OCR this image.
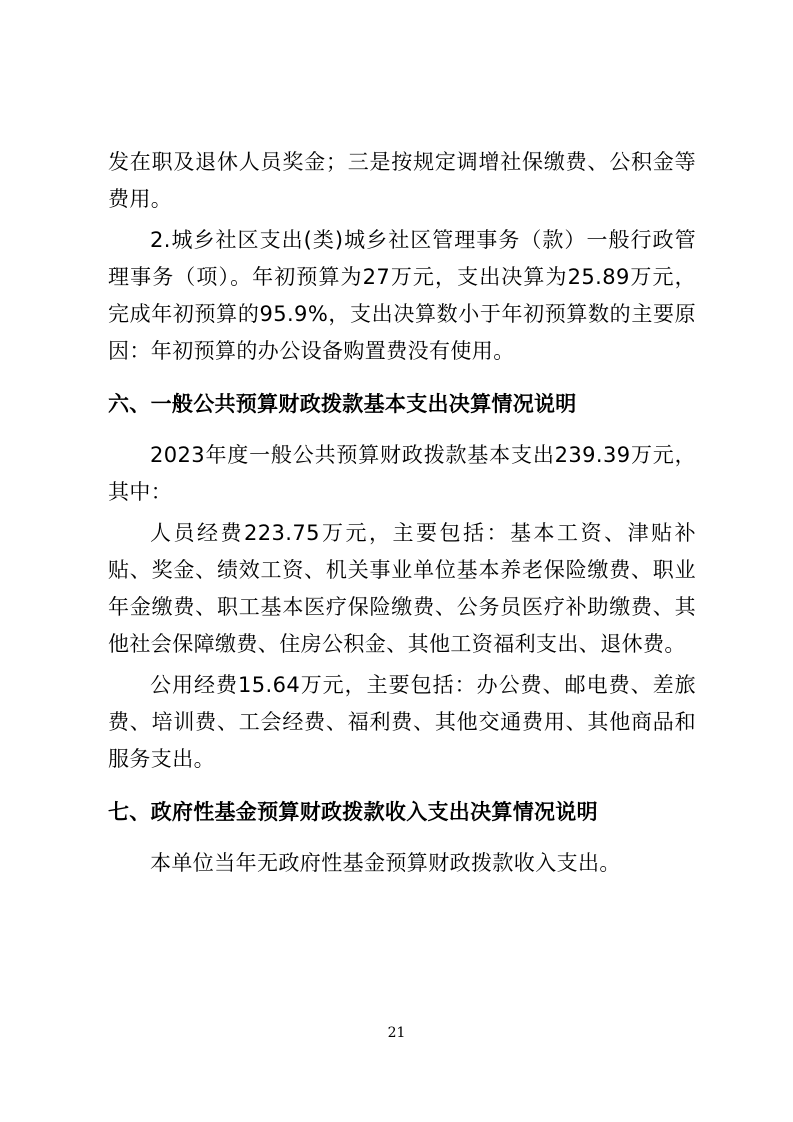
发在职及退休人员奖金；三是按规定调增社保缴费、公积金等费用。

2.城乡社区支出(类)城乡社区管理事务（款）一般行政管理事务（项）。年初预算为27万元，支出决算为25.89万元，完成年初预算的95.9%，支出决算数小于年初预算数的主要原因：年初预算的办公设备购置费没有使用。

六、一般公共预算财政拨款基本支出决算情况说明

2023年度一般公共预算财政拨款基本支出239.39万元，其中：

人员经费223.75万元，主要包括：基本工资、津贴补贴、奖金、绩效工资、机关事业单位基本养老保险缴费、职业年金缴费、职工基本医疗保险缴费、公务员医疗补助缴费、其他社会保障缴费、住房公积金、其他工资福利支出、退休费。

公用经费15.64万元，主要包括：办公费、邮电费、差旅费、培训费、工会经费、福利费、其他交通费用、其他商品和服务支出。

七、政府性基金预算财政拨款收入支出决算情况说明

本单位当年无政府性基金预算财政拨款收入支出。

21
